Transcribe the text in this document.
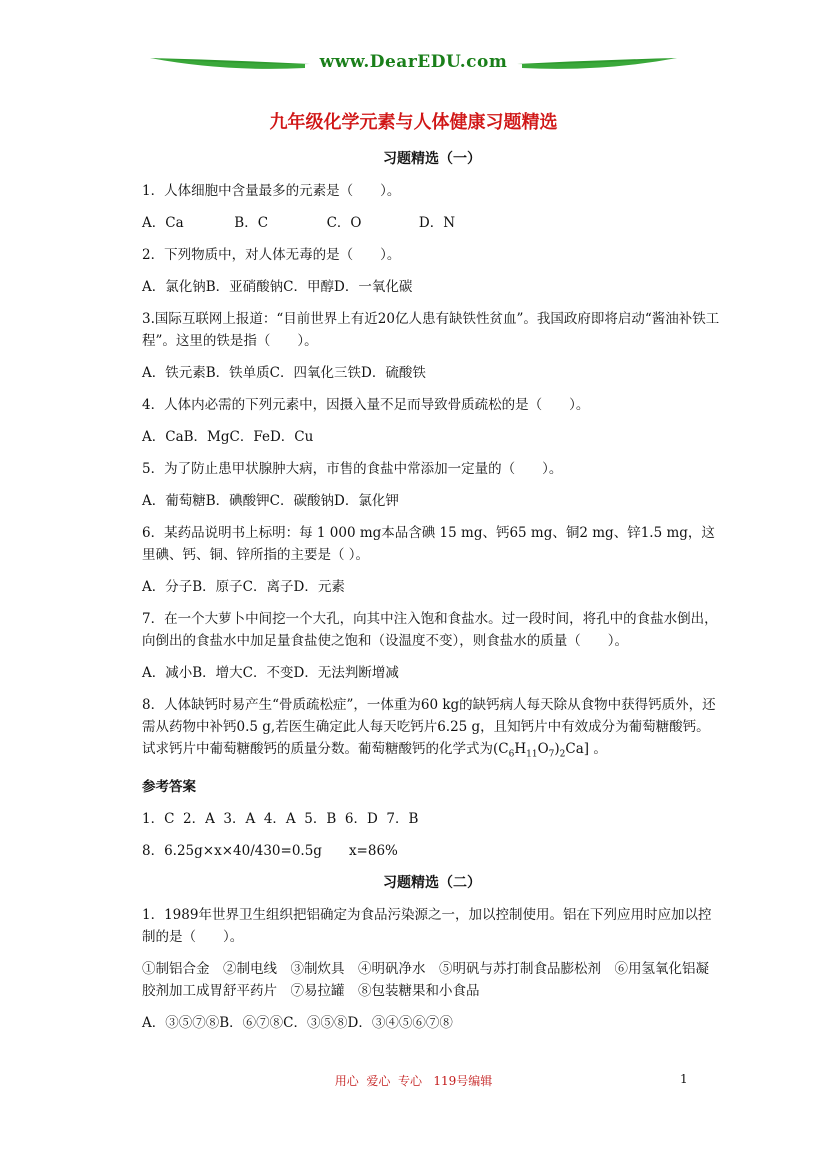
www.DearEDU.com
九年级化学元素与人体健康习题精选
习题精选（一）

1．人体细胞中含量最多的元素是（　　）。

A．Ca	B．C	C．O	D．N

2．下列物质中，对人体无毒的是（　　）。

A．氯化钠B．亚硝酸钠C．甲醇D．一氧化碳

3.国际互联网上报道：“目前世界上有近20亿人患有缺铁性贫血”。我国政府即将启动“酱油补铁工程”。这里的铁是指（　　）。

A．铁元素B．铁单质C．四氧化三铁D．硫酸铁

4．人体内必需的下列元素中，因摄入量不足而导致骨质疏松的是（　　）。

A．CaB．MgC．FeD．Cu

5．为了防止患甲状腺肿大病，市售的食盐中常添加一定量的（　　）。

A．葡萄糖B．碘酸钾C．碳酸钠D．氯化钾

6．某药品说明书上标明：每 1 000 mg本品含碘 15 mg、钙65 mg、铜2 mg、锌1.5 mg，这里碘、钙、铜、锌所指的主要是（ ）。

A．分子B．原子C．离子D．元素

7．在一个大萝卜中间挖一个大孔，向其中注入饱和食盐水。过一段时间，将孔中的食盐水倒出，向倒出的食盐水中加足量食盐使之饱和（设温度不变），则食盐水的质量（　　）。

A．减小B．增大C．不变D．无法判断增减

8．人体缺钙时易产生“骨质疏松症”，一体重为60 kg的缺钙病人每天除从食物中获得钙质外，还需从药物中补钙0.5 g,若医生确定此人每天吃钙片6.25 g，且知钙片中有效成分为葡萄糖酸钙。试求钙片中葡萄糖酸钙的质量分数。葡萄糖酸钙的化学式为$(C_6H_{11}O_7)_2Ca$] 。

参考答案

1．C  2．A  3．A  4．A  5．B  6．D  7．B

8．6.25g×x×40/430=0.5g　　x=86%

习题精选（二）

1．1989年世界卫生组织把铝确定为食品污染源之一，加以控制使用。铝在下列应用时应加以控制的是（　　）。

①制铝合金　②制电线　③制炊具　④明矾净水　⑤明矾与苏打制食品膨松剂　⑥用氢氧化铝凝胶剂加工成胃舒平药片　⑦易拉罐　⑧包装糖果和小食品

A．③⑤⑦⑧B．⑥⑦⑧C．③⑤⑧D．③④⑤⑥⑦⑧

用心  爱心  专心   119号编辑	1
